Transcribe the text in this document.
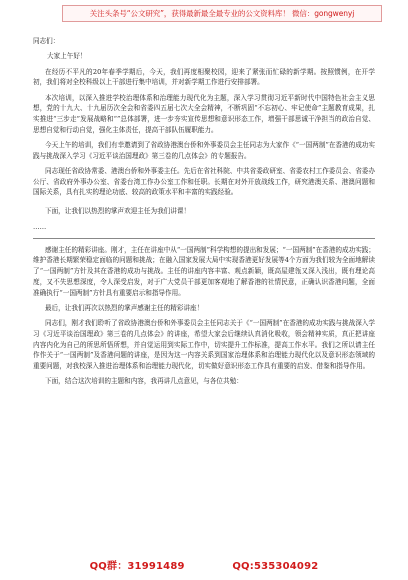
关注头条号“公文研究”，获得最新最全最专业的公文资料库！ 微信：gongwenyj

同志们：

大家上午好！

在经历不平凡的20年春季学期后，今天，我们再度相聚校园，迎来了紧张而忙碌的新学期。按照惯例，在开学初，我们将对全校科级以上干部进行集中培训，并对新学期工作进行安排部署。

本次培训，以深入推进学校治理体系和治理能力现代化为主题，深入学习贯彻习近平新时代中国特色社会主义思想，党的十九大、十九届历次全会和省委四五届七次大全会精神，不断巩固“不忘初心、牢记使命”主题教育成果，扎实推进“三步走”发展战略和“”总体部署，进一步夯实宣传思想和意识形态工作，增强干部思诚干净担当的政治自觉、思想自觉和行动自觉，强化主体责任，提高干部队伍履职能力。

今天上午的培训，我们有幸邀请到了省政协港澳台侨和外事委员会主任同志为大家作《“一国两制”在香港的成功实践与挑战深入学习《习近平谈治国理政》第三卷的几点体会》的专题报告。

同志现任省政协常委、港澳台侨和外事委主任。先后在省社科院、中共省委政研室、省委农村工作委员会、省委办公厅、省政府外事办公室、省委台湾工作办公室工作和任职。长期在对外开放战线工作，研究港澳关系、港澳问题和国际关系，具有扎实的理论功底、较高的政策水平和丰富的实践经验。

下面，让我们以热烈的掌声欢迎主任为我们讲课！

……

感谢主任的精彩讲座。刚才，主任在讲座中从“一国两制”科学构想的提出和发展；“一国两制”在香港的成功实践；维护香港长期繁荣稳定面临的问题和挑战；在融入国家发展大局中实现香港更好发展等4个方面为我们较为全面地解读了“一国两制”方针及其在香港的成功与挑战。主任的讲座内容丰富、观点新颖，既高屋建瓴又深入浅出，既有理论高度，又不失思想深度，令人深受启发，对于广大党员干部更加客观地了解香港的社情民意，正确认识香港问题，全面准确执行“一国两制”方针具有重要启示和指导作用。

最后，让我们再次以热烈的掌声感谢主任的精彩讲座！

同志们，刚才我们聆听了省政协港澳台侨和外事委员会主任同志关于《“一国两制”在香港的成功实践与挑战深入学习《习近平谈治国理政》第三卷的几点体会》的讲座，希望大家会后继续认真消化吸收，领会精神实质，真正把讲座内容内化为自己的所思所悟所想，并自觉运用到实际工作中，切实提升工作标准，提高工作水平。我们之所以请主任作作关于“一国两制”及香港问题的讲座，是因为这一内容关系到国家治理体系和治理能力现代化以及意识形态领域的重要问题，对我校深入推进治理体系和治理能力现代化，切实做好意识形态工作具有重要的启发、借鉴和指导作用。

下面，结合这次培训的主题和内容，我再讲几点意见，与各位共勉：

QQ群：31991489	QQ:535304092
